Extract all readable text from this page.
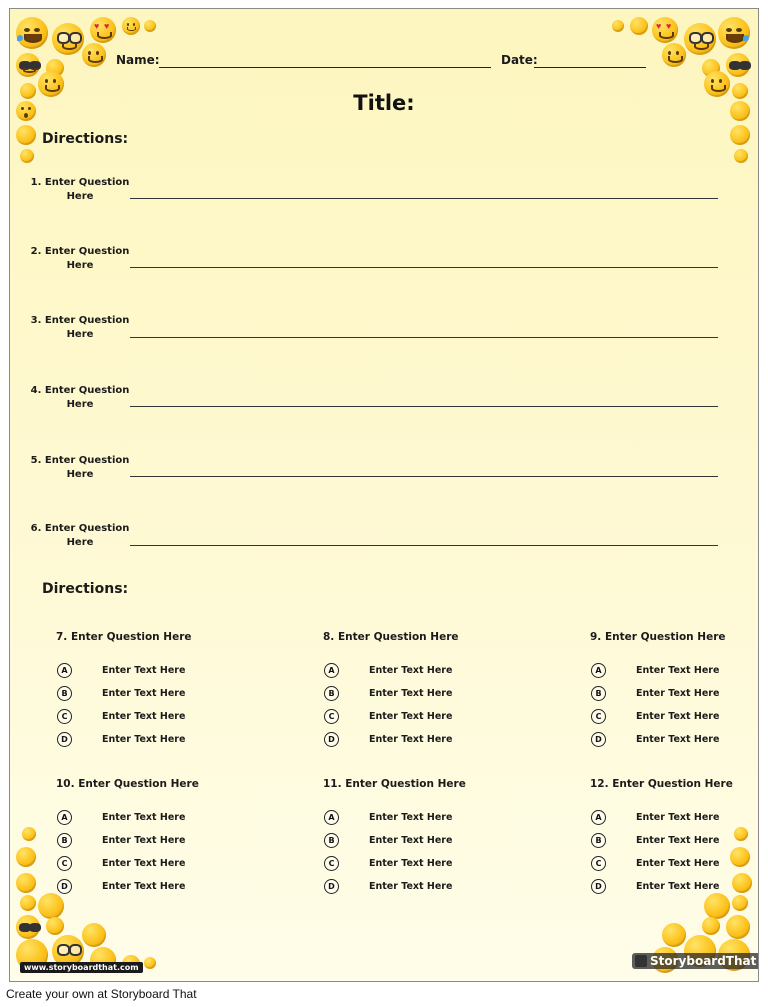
♥ ♥	♥ ♥
Name:	Date:
Title:
Directions:
1. Enter Question
Here
2. Enter Question
Here
3. Enter Question
Here
4. Enter Question
Here
5. Enter Question
Here
6. Enter Question
Here
Directions:
7. Enter Question Here
A	Enter Text Here
B	Enter Text Here
C	Enter Text Here
D	Enter Text Here
8. Enter Question Here
A	Enter Text Here
B	Enter Text Here
C	Enter Text Here
D	Enter Text Here
9. Enter Question Here
A	Enter Text Here
B	Enter Text Here
C	Enter Text Here
D	Enter Text Here
10. Enter Question Here
A	Enter Text Here
B	Enter Text Here
C	Enter Text Here
D	Enter Text Here
11. Enter Question Here
A	Enter Text Here
B	Enter Text Here
C	Enter Text Here
D	Enter Text Here
12. Enter Question Here
A	Enter Text Here
B	Enter Text Here
C	Enter Text Here
D	Enter Text Here
www.storyboardthat.com	StoryboardThat
Create your own at Storyboard That
